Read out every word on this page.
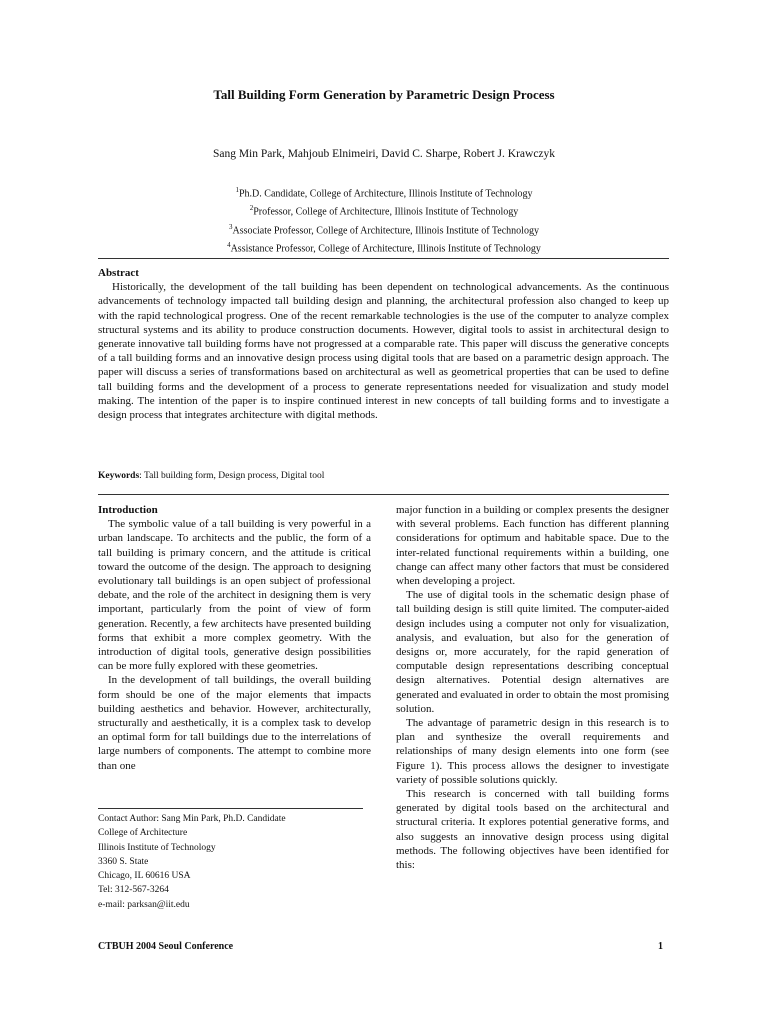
Tall Building Form Generation by Parametric Design Process
Sang Min Park, Mahjoub Elnimeiri, David C. Sharpe, Robert J. Krawczyk
$^1$Ph.D. Candidate, College of Architecture, Illinois Institute of Technology
$^2$Professor, College of Architecture, Illinois Institute of Technology
$^3$Associate Professor, College of Architecture, Illinois Institute of Technology
$^4$Assistance Professor, College of Architecture, Illinois Institute of Technology
Abstract

Historically, the development of the tall building has been dependent on technological advancements. As the continuous advancements of technology impacted tall building design and planning, the architectural profession also changed to keep up with the rapid technological progress. One of the recent remarkable technologies is the use of the computer to analyze complex structural systems and its ability to produce construction documents. However, digital tools to assist in architectural design to generate innovative tall building forms have not progressed at a comparable rate. This paper will discuss the generative concepts of a tall building forms and an innovative design process using digital tools that are based on a parametric design approach. The paper will discuss a series of transformations based on architectural as well as geometrical properties that can be used to define tall building forms and the development of a process to generate representations needed for visualization and study model making. The intention of the paper is to inspire continued interest in new concepts of tall building forms and to investigate a design process that integrates architecture with digital methods.

Keywords: Tall building form, Design process, Digital tool
Introduction

The symbolic value of a tall building is very powerful in a urban landscape. To architects and the public, the form of a tall building is primary concern, and the attitude is critical toward the outcome of the design. The approach to designing evolutionary tall buildings is an open subject of professional debate, and the role of the architect in designing them is very important, particularly from the point of view of form generation. Recently, a few architects have presented building forms that exhibit a more complex geometry. With the introduction of digital tools, generative design possibilities can be more fully explored with these geometries.

In the development of tall buildings, the overall building form should be one of the major elements that impacts building aesthetics and behavior. However, architecturally, structurally and aesthetically, it is a complex task to develop an optimal form for tall buildings due to the interrelations of large numbers of components. The attempt to combine more than one

major function in a building or complex presents the designer with several problems. Each function has different planning considerations for optimum and habitable space. Due to the inter-related functional requirements within a building, one change can affect many other factors that must be considered when developing a project.

The use of digital tools in the schematic design phase of tall building design is still quite limited. The computer-aided design includes using a computer not only for visualization, analysis, and evaluation, but also for the generation of designs or, more accurately, for the rapid generation of computable design representations describing conceptual design alternatives. Potential design alternatives are generated and evaluated in order to obtain the most promising solution.

The advantage of parametric design in this research is to plan and synthesize the overall requirements and relationships of many design elements into one form (see Figure 1). This process allows the designer to investigate variety of possible solutions quickly.

This research is concerned with tall building forms generated by digital tools based on the architectural and structural criteria. It explores potential generative forms, and also suggests an innovative design process using digital methods. The following objectives have been identified for this:

Contact Author: Sang Min Park, Ph.D. Candidate
College of Architecture
Illinois Institute of Technology
3360 S. State
Chicago, IL 60616 USA
Tel: 312-567-3264
e-mail: parksan@iit.edu
CTBUH 2004 Seoul Conference	1
